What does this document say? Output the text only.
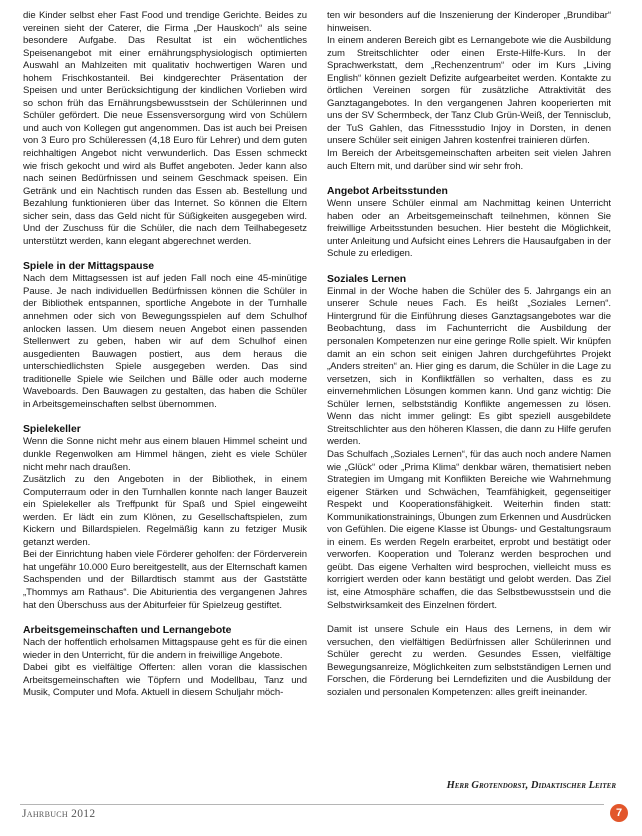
die Kinder selbst eher Fast Food und trendige Gerichte. Beides zu vereinen sieht der Caterer, die Firma „Der Hauskoch“ als seine besondere Aufgabe. Das Resultat ist ein wöchentliches Speisenangebot mit einer ernährungsphysiologisch optimierten Auswahl an Mahlzeiten mit qualitativ hochwertigen Waren und hohem Frischkostanteil. Bei kindgerechter Präsentation der Speisen und unter Berücksichtigung der kindlichen Vorlieben wird so schon früh das Ernährungsbewusstsein der Schülerinnen und Schüler gefördert. Die neue Essensversorgung wird von Schülern und auch von Kollegen gut angenommen. Das ist auch bei Preisen von 3 Euro pro Schüleressen (4,18 Euro für Lehrer) und dem guten reichhaltigen Angebot nicht verwunderlich. Das Essen schmeckt wie frisch gekocht und wird als Buffet angeboten. Jeder kann also nach seinen Bedürfnissen und seinem Geschmack speisen. Ein Getränk und ein Nachtisch runden das Essen ab. Bestellung und Bezahlung funktionieren über das Internet. So können die Eltern sicher sein, dass das Geld nicht für Süßigkeiten ausgegeben wird. Und der Zuschuss für die Schüler, die nach dem Teilhabegesetz unterstützt werden, kann elegant abgerechnet werden.

Spiele in der Mittagspause

Nach dem Mittagsessen ist auf jeden Fall noch eine 45-minütige Pause. Je nach individuellen Bedürfnissen können die Schüler in der Bibliothek entspannen, sportliche Angebote in der Turnhalle annehmen oder sich von Bewegungsspielen auf dem Schulhof anlocken lassen. Um diesem neuen Angebot einen passenden Stellenwert zu geben, haben wir auf dem Schulhof einen ausgedienten Bauwagen postiert, aus dem heraus die unterschiedlichsten Spiele ausgegeben werden. Das sind traditionelle Spiele wie Seilchen und Bälle oder auch moderne Waveboards. Den Bauwagen zu gestalten, das haben die Schüler in Arbeitsgemeinschaften selbst übernommen.

Spielekeller

Wenn die Sonne nicht mehr aus einem blauen Himmel scheint und dunkle Regenwolken am Himmel hängen, zieht es viele Schüler nicht mehr nach draußen.

Zusätzlich zu den Angeboten in der Bibliothek, in einem Computerraum oder in den Turnhallen konnte nach langer Bauzeit ein Spielekeller als Treffpunkt für Spaß und Spiel eingeweiht werden. Er lädt ein zum Klönen, zu Gesellschaftspielen, zum Kickern und Billardspielen. Regelmäßig kann zu fetziger Musik getanzt werden.

Bei der Einrichtung haben viele Förderer geholfen: der Förderverein hat ungefähr 10.000 Euro bereitgestellt, aus der Elternschaft kamen Sachspenden und der Billardtisch stammt aus der Gaststätte „Thommys am Rathaus“. Die Abiturientia des vergangenen Jahres hat den Überschuss aus der Abiturfeier für Spielzeug gestiftet.

Arbeitsgemeinschaften und Lernangebote

Nach der hoffentlich erholsamen Mittagspause geht es für die einen wieder in den Unterricht, für die andern in freiwillige Angebote.

Dabei gibt es vielfältige Offerten: allen voran die klassischen Arbeitsgemeinschaften wie Töpfern und Modellbau, Tanz und Musik, Computer und Mofa. Aktuell in diesem Schuljahr möch-

ten wir besonders auf die Inszenierung der Kinderoper „Brundibar“ hinweisen.

In einem anderen Bereich gibt es Lernangebote wie die Ausbildung zum Streitschlichter oder einen Erste-Hilfe-Kurs. In der Sprachwerkstatt, dem „Rechenzentrum“ oder im Kurs „Living English“ können gezielt Defizite aufgearbeitet werden. Kontakte zu örtlichen Vereinen sorgen für zusätzliche Attraktivität des Ganztagangebotes. In den vergangenen Jahren kooperierten mit uns der SV Schermbeck, der Tanz Club Grün-Weiß, der Tennisclub, der TuS Gahlen, das Fitnessstudio Injoy in Dorsten, in denen unsere Schüler seit einigen Jahren kostenfrei trainieren dürfen.

Im Bereich der Arbeitsgemeinschaften arbeiten seit vielen Jahren auch Eltern mit, und darüber sind wir sehr froh.

Angebot Arbeitsstunden

Wenn unsere Schüler einmal am Nachmittag keinen Unterricht haben oder an Arbeitsgemeinschaft teilnehmen, können Sie freiwillige Arbeitsstunden besuchen. Hier besteht die Möglichkeit, unter Anleitung und Aufsicht eines Lehrers die Hausaufgaben in der Schule zu erledigen.

Soziales Lernen

Einmal in der Woche haben die Schüler des 5. Jahrgangs ein an unserer Schule neues Fach. Es heißt „Soziales Lernen“. Hintergrund für die Einführung dieses Ganztagsangebotes war die Beobachtung, dass im Fachunterricht die Ausbildung der personalen Kompetenzen nur eine geringe Rolle spielt. Wir knüpfen damit an ein schon seit einigen Jahren durchgeführtes Projekt „Anders streiten“ an. Hier ging es darum, die Schüler in die Lage zu versetzen, sich in Konfliktfällen so verhalten, dass es zu einvernehmlichen Lösungen kommen kann. Und ganz wichtig: Die Schüler lernen, selbstständig Konflikte angemessen zu lösen. Wenn das nicht immer gelingt: Es gibt speziell ausgebildete Streitschlichter aus den höheren Klassen, die dann zu Hilfe gerufen werden.

Das Schulfach „Soziales Lernen“, für das auch noch andere Namen wie „Glück“ oder „Prima Klima“ denkbar wären, thematisiert neben Strategien im Umgang mit Konflikten Bereiche wie Wahrnehmung eigener Stärken und Schwächen, Teamfähigkeit, gegenseitiger Respekt und Kooperationsfähigkeit. Weiterhin finden statt: Kommunikationstrainings, Übungen zum Erkennen und Ausdrücken von Gefühlen. Die eigene Klasse ist Übungs- und Gestaltungsraum in einem. Es werden Regeln erarbeitet, erprobt und bestätigt oder verworfen. Kooperation und Toleranz werden besprochen und geübt. Das eigene Verhalten wird besprochen, vielleicht muss es korrigiert werden oder kann bestätigt und gelobt werden. Das Ziel ist, eine Atmosphäre schaffen, die das Selbstbewusstsein und die Selbstwirksamkeit des Einzelnen fördert.

Damit ist unsere Schule ein Haus des Lernens, in dem wir versuchen, den vielfältigen Bedürfnissen aller Schülerinnen und Schüler gerecht zu werden. Gesundes Essen, vielfältige Bewegungsanreize, Möglichkeiten zum selbstständigen Lernen und Forschen, die Förderung bei Lerndefiziten und die Ausbildung der sozialen und personalen Kompetenzen: alles greift ineinander.

Herr Grotendorst, Didaktischer Leiter
Jahrbuch 2012	7
